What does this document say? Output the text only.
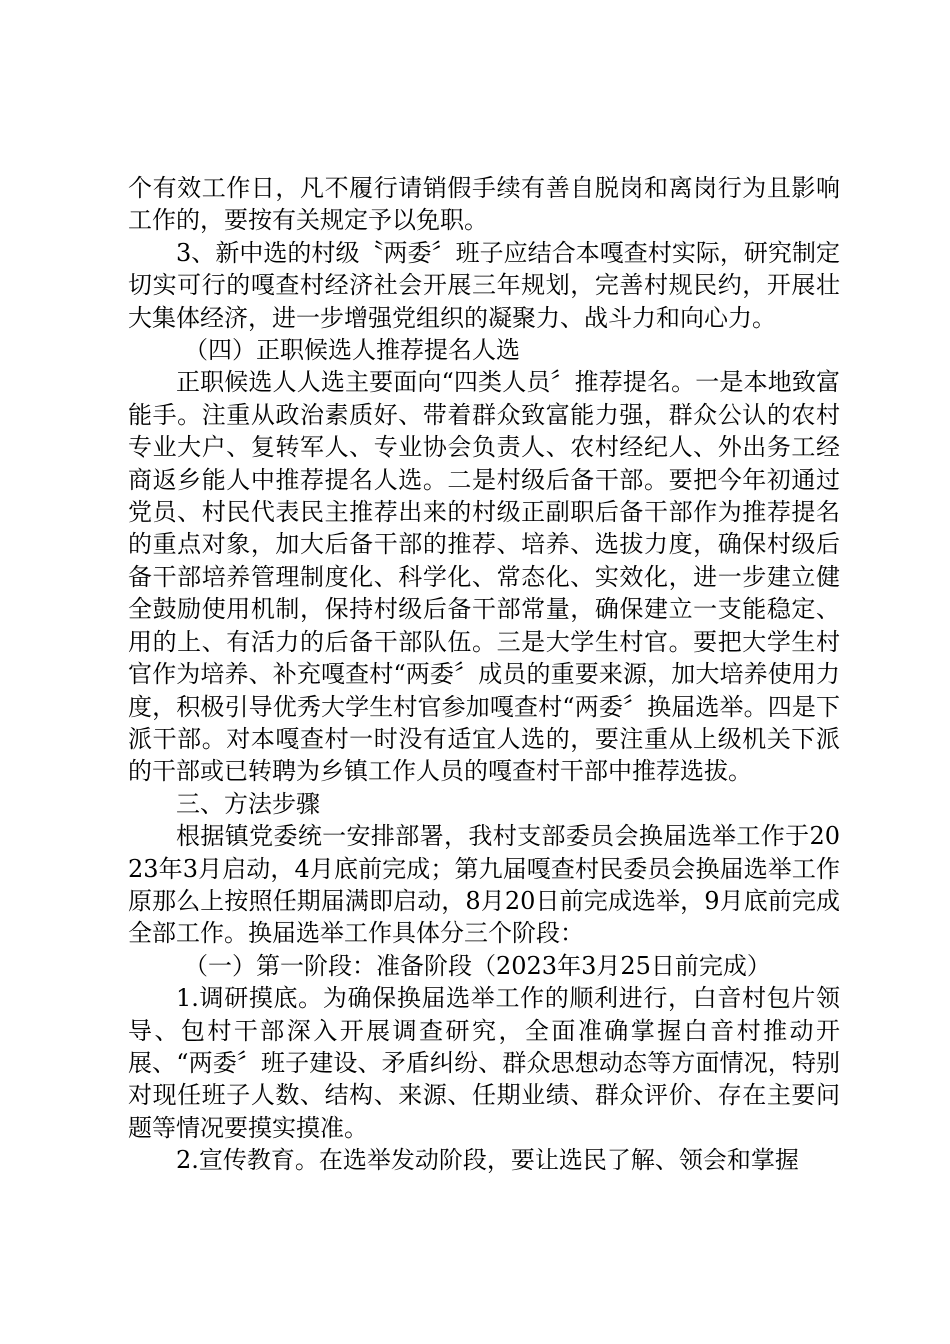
个有效工作日，凡不履行请销假手续有善自脱岗和离岗行为且影响工作的，要按有关规定予以免职。

3、新中选的村级〝两委〞班子应结合本嘎查村实际，研究制定切实可行的嘎查村经济社会开展三年规划，完善村规民约，开展壮大集体经济，进一步增强党组织的凝聚力、战斗力和向心力。

（四）正职候选人推荐提名人选

正职候选人人选主要面向“四类人员〞推荐提名。一是本地致富能手。注重从政治素质好、带着群众致富能力强，群众公认的农村专业大户、复转军人、专业协会负责人、农村经纪人、外出务工经商返乡能人中推荐提名人选。二是村级后备干部。要把今年初通过党员、村民代表民主推荐出来的村级正副职后备干部作为推荐提名的重点对象，加大后备干部的推荐、培养、选拔力度，确保村级后备干部培养管理制度化、科学化、常态化、实效化，进一步建立健全鼓励使用机制，保持村级后备干部常量，确保建立一支能稳定、用的上、有活力的后备干部队伍。三是大学生村官。要把大学生村官作为培养、补充嘎查村“两委〞成员的重要来源，加大培养使用力度，积极引导优秀大学生村官参加嘎查村“两委〞换届选举。四是下派干部。对本嘎查村一时没有适宜人选的，要注重从上级机关下派的干部或已转聘为乡镇工作人员的嘎查村干部中推荐选拔。

三、方法步骤

根据镇党委统一安排部署，我村支部委员会换届选举工作于2023年3月启动，4月底前完成；第九届嘎查村民委员会换届选举工作原那么上按照任期届满即启动，8月20日前完成选举，9月底前完成全部工作。换届选举工作具体分三个阶段：

（一）第一阶段：准备阶段（2023年3月25日前完成）

1.调研摸底。为确保换届选举工作的顺利进行，白音村包片领导、包村干部深入开展调查研究，全面准确掌握白音村推动开展、“两委〞班子建设、矛盾纠纷、群众思想动态等方面情况，特别对现任班子人数、结构、来源、任期业绩、群众评价、存在主要问题等情况要摸实摸准。

2.宣传教育。在选举发动阶段，要让选民了解、领会和掌握
